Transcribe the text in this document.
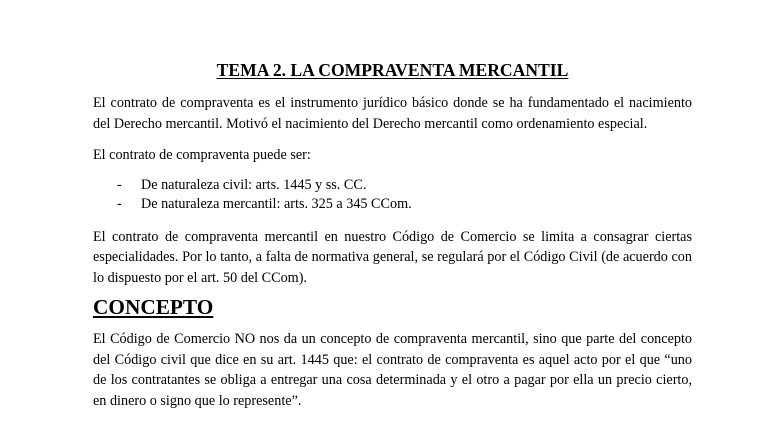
TEMA 2. LA COMPRAVENTA MERCANTIL

El contrato de compraventa es el instrumento jurídico básico donde se ha fundamentado el nacimiento del Derecho mercantil. Motivó el nacimiento del Derecho mercantil como ordenamiento especial.

El contrato de compraventa puede ser:

- De naturaleza civil: arts. 1445 y ss. CC.
- De naturaleza mercantil: arts. 325 a 345 CCom.

El contrato de compraventa mercantil en nuestro Código de Comercio se limita a consagrar ciertas especialidades. Por lo tanto, a falta de normativa general, se regulará por el Código Civil (de acuerdo con lo dispuesto por el art. 50 del CCom).

CONCEPTO

El Código de Comercio NO nos da un concepto de compraventa mercantil, sino que parte del concepto del Código civil que dice en su art. 1445 que: el contrato de compraventa es aquel acto por el que “uno de los contratantes se obliga a entregar una cosa determinada y el otro a pagar por ella un precio cierto, en dinero o signo que lo represente”.
